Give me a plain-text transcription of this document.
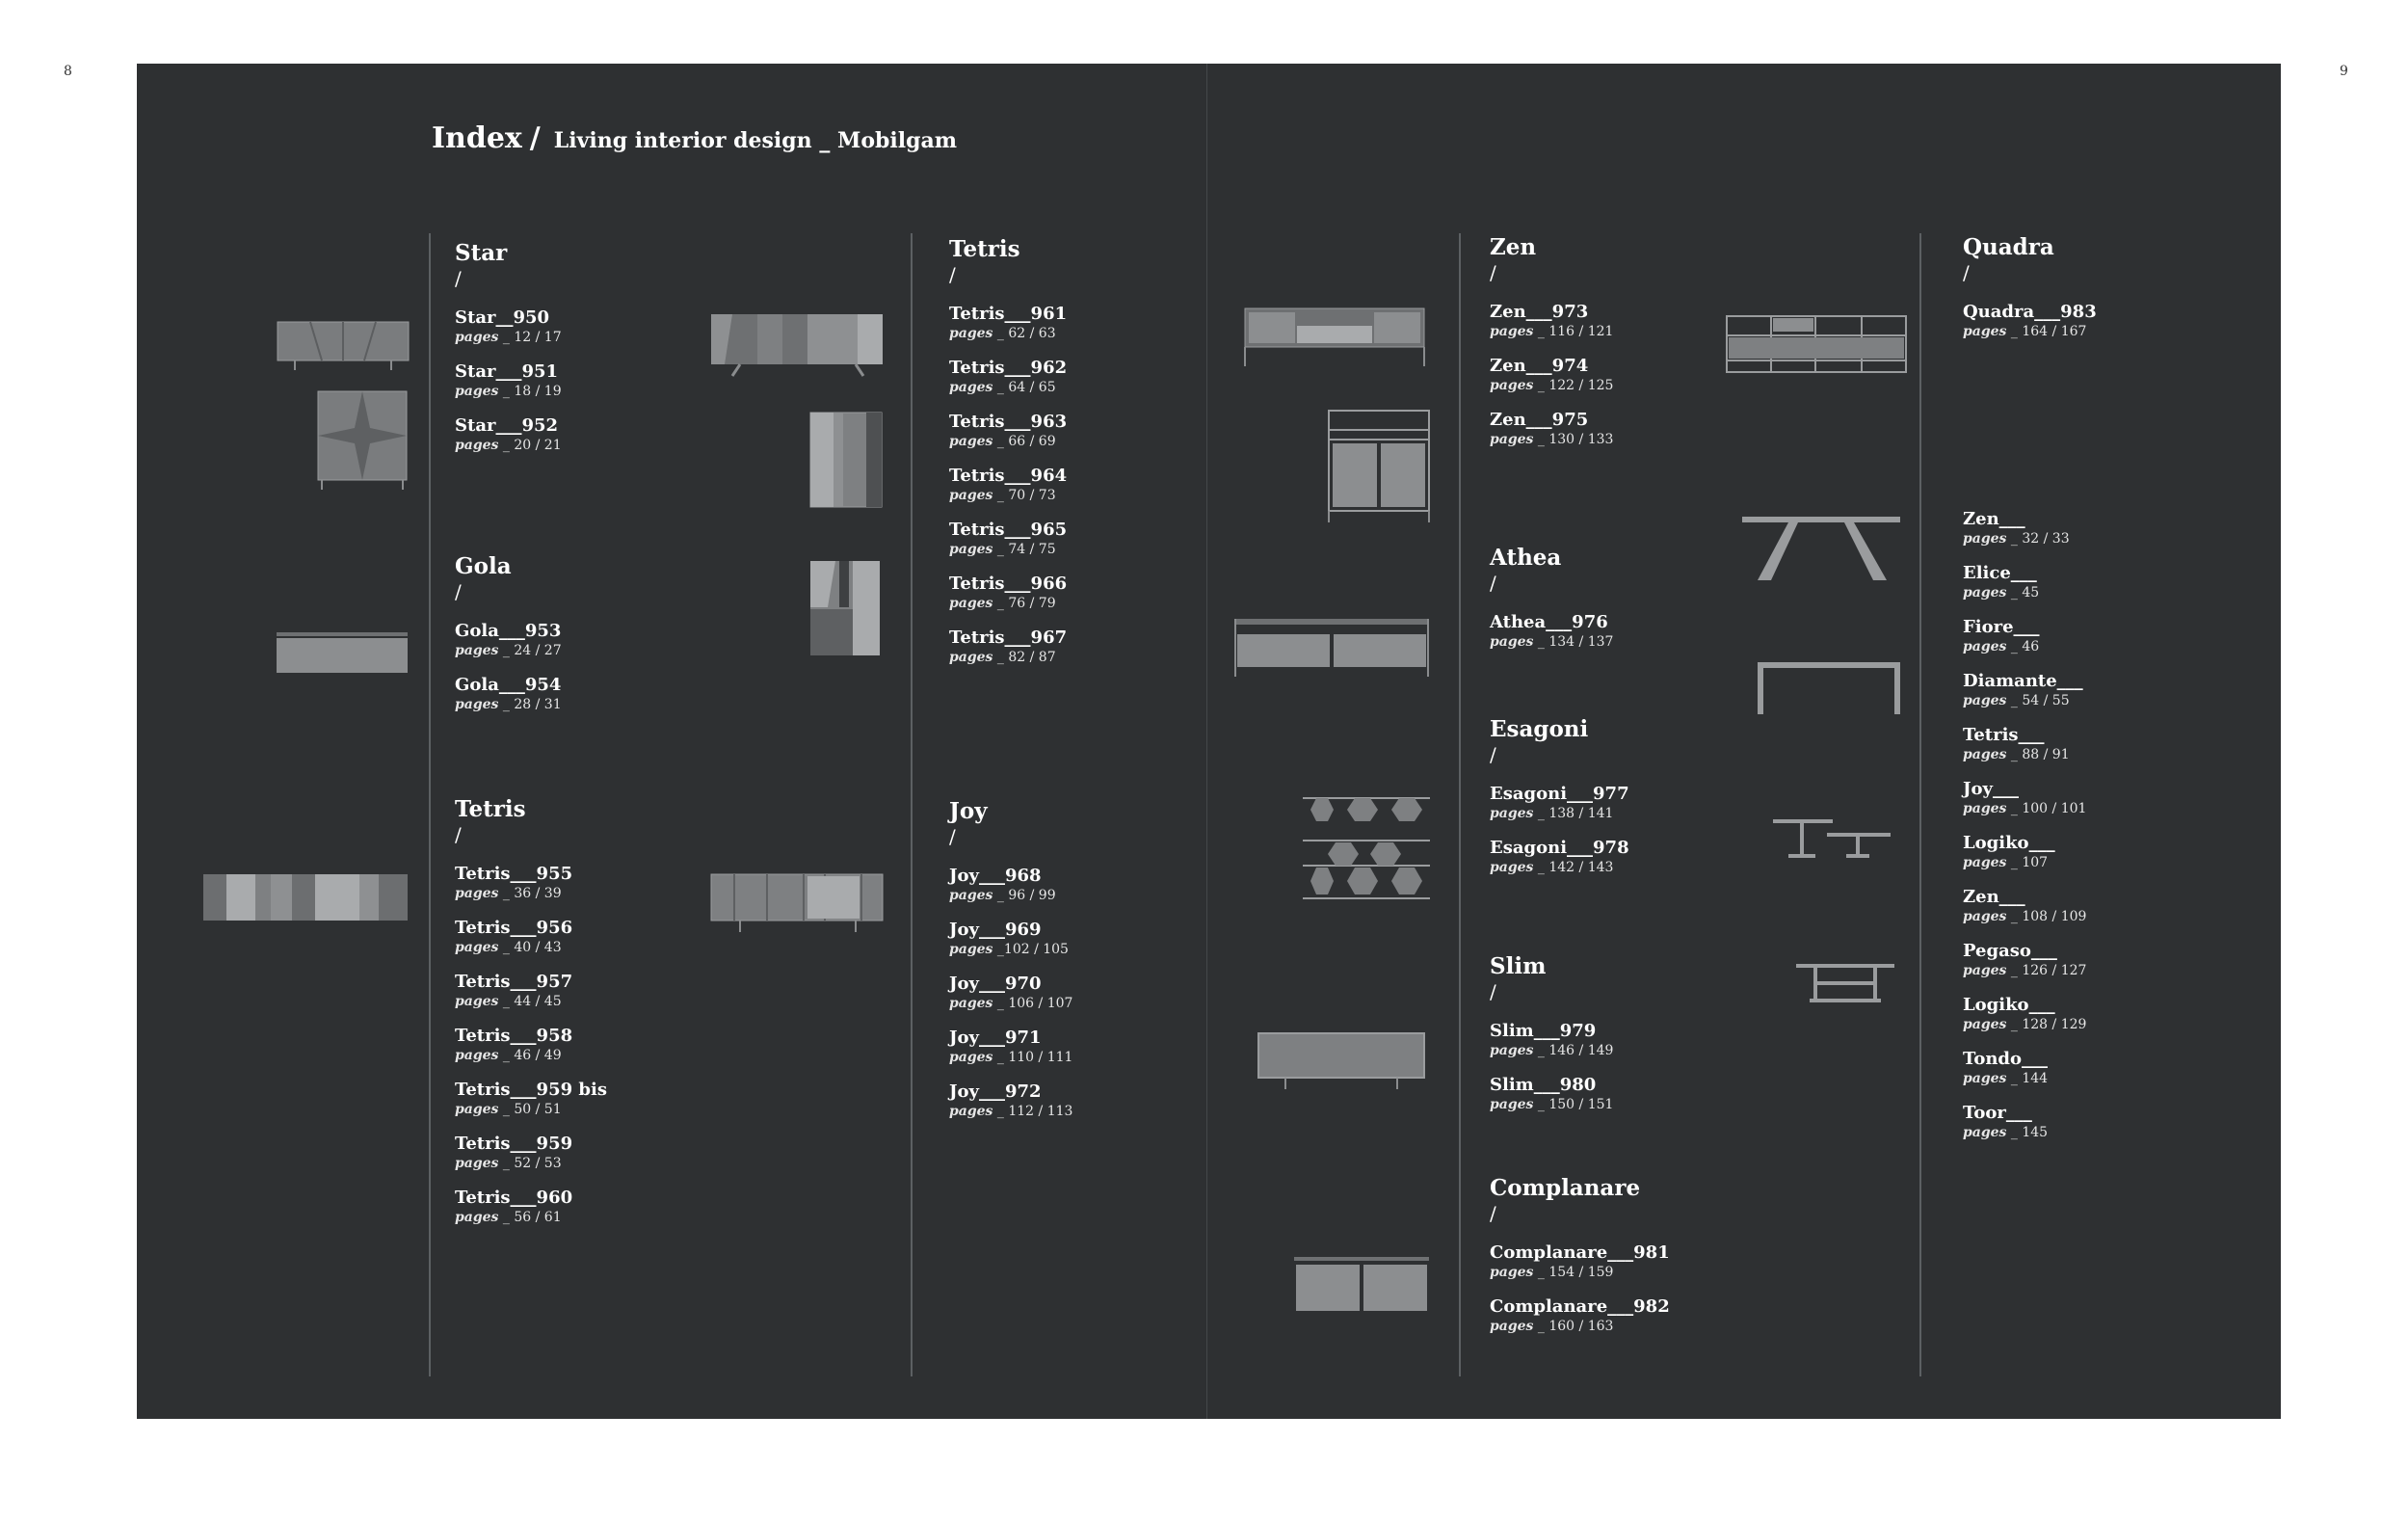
8	9
Index / Living interior design _ Mobilgam
Star
/
Star__950
pages _ 12 / 17
Star___951
pages _ 18 / 19
Star___952
pages _ 20 / 21
Gola
/
Gola___953
pages _ 24 / 27
Gola___954
pages _ 28 / 31
Tetris
/
Tetris___955
pages _ 36 / 39
Tetris___956
pages _ 40 / 43
Tetris___957
pages _ 44 / 45
Tetris___958
pages _ 46 / 49
Tetris___959 bis
pages _ 50 / 51
Tetris___959
pages _ 52 / 53
Tetris___960
pages _ 56 / 61
Tetris
/
Tetris___961
pages _ 62 / 63
Tetris___962
pages _ 64 / 65
Tetris___963
pages _ 66 / 69
Tetris___964
pages _ 70 / 73
Tetris___965
pages _ 74 / 75
Tetris___966
pages _ 76 / 79
Tetris___967
pages _ 82 / 87
Joy
/
Joy___968
pages _ 96 / 99
Joy___969
pages _102 / 105
Joy___970
pages _ 106 / 107
Joy___971
pages _ 110 / 111
Joy___972
pages _ 112 / 113
Zen
/
Zen___973
pages _ 116 / 121
Zen___974
pages _ 122 / 125
Zen___975
pages _ 130 / 133
Athea
/
Athea___976
pages _ 134 / 137
Esagoni
/
Esagoni___977
pages _ 138 / 141
Esagoni___978
pages _ 142 / 143
Slim
/
Slim___979
pages _ 146 / 149
Slim___980
pages _ 150 / 151
Complanare
/
Complanare___981
pages _ 154 / 159
Complanare___982
pages _ 160 / 163
Quadra
/
Quadra___983
pages _ 164 / 167
Zen___
pages _ 32 / 33
Elice___
pages _ 45
Fiore___
pages _ 46
Diamante___
pages _ 54 / 55
Tetris___
pages _ 88 / 91
Joy___
pages _ 100 / 101
Logiko___
pages _ 107
Zen___
pages _ 108 / 109
Pegaso___
pages _ 126 / 127
Logiko___
pages _ 128 / 129
Tondo___
pages _ 144
Toor___
pages _ 145
